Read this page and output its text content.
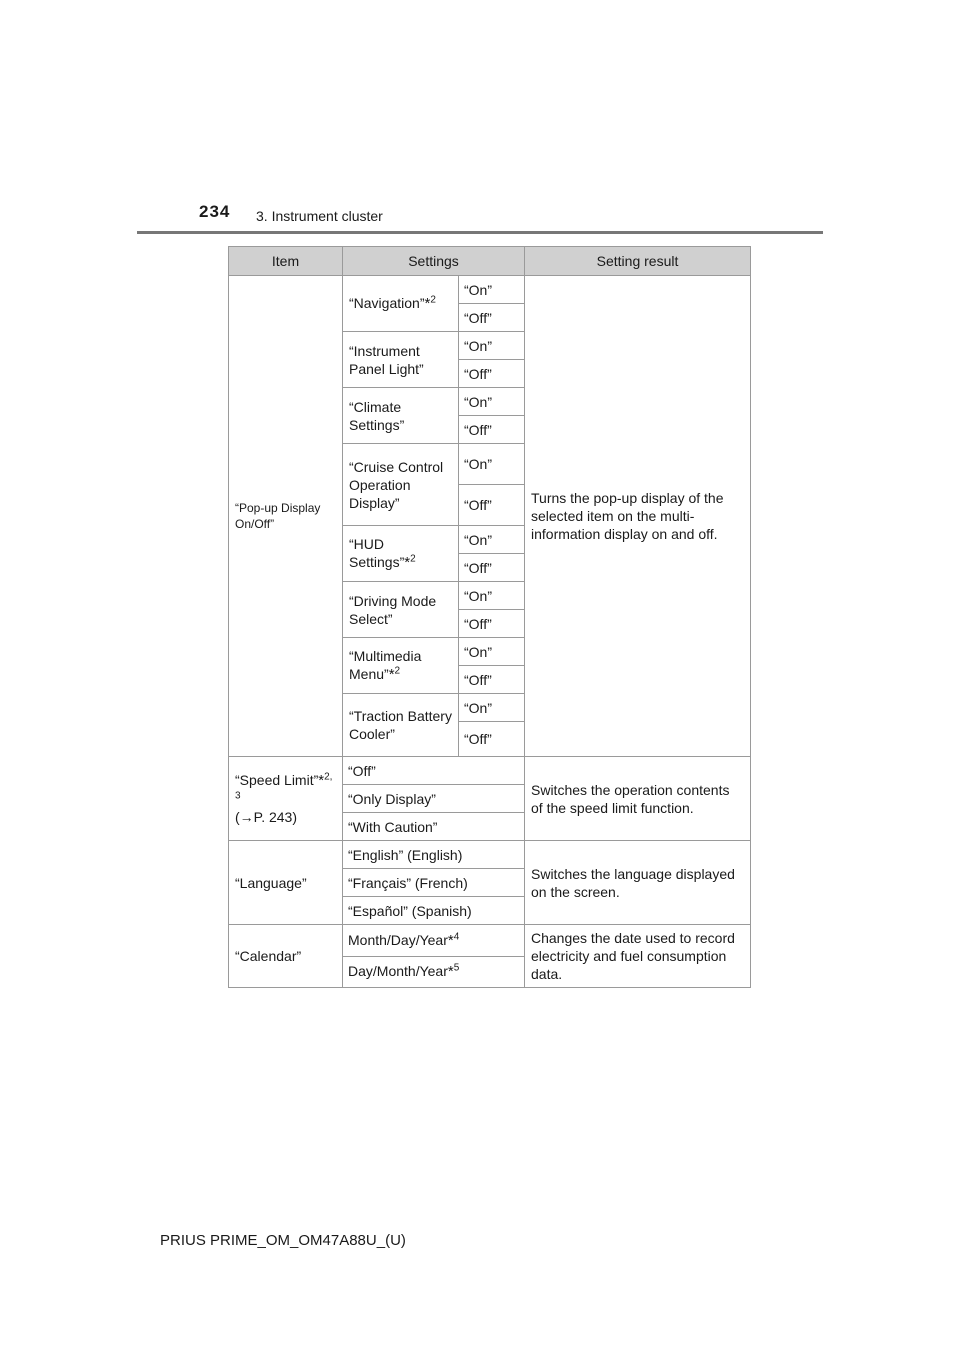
234 3. Instrument cluster
Item	Settings		Setting result
“Pop-up Display On/Off”	“Navigation”*$^2$	“On”	Turns the pop-up display of the selected item on the multi-information display on and off.
		“Off”	
	“Instrument Panel Light”	“On”	
		“Off”	
	“Climate Settings”	“On”	
		“Off”	
	“Cruise Control Operation Display”	“On”	
		“Off”	
	“HUD Settings”*$^2$	“On”	
		“Off”	
	“Driving Mode Select”	“On”	
		“Off”	
	“Multimedia Menu”*$^2$	“On”	
		“Off”	
	“Traction Battery Cooler”	“On”	
		“Off”	
“Speed Limit”*$^{2, 3}$
(→P. 243)	“Off”		Switches the operation contents of the speed limit function.
	“Only Display”		
	“With Caution”		
“Language”	“English” (English)		Switches the language displayed on the screen.
	“Français” (French)		
	“Español” (Spanish)		
“Calendar”	Month/Day/Year*$^4$		Changes the date used to record electricity and fuel consumption data.
	Day/Month/Year*$^5$
PRIUS PRIME_OM_OM47A88U_(U)
